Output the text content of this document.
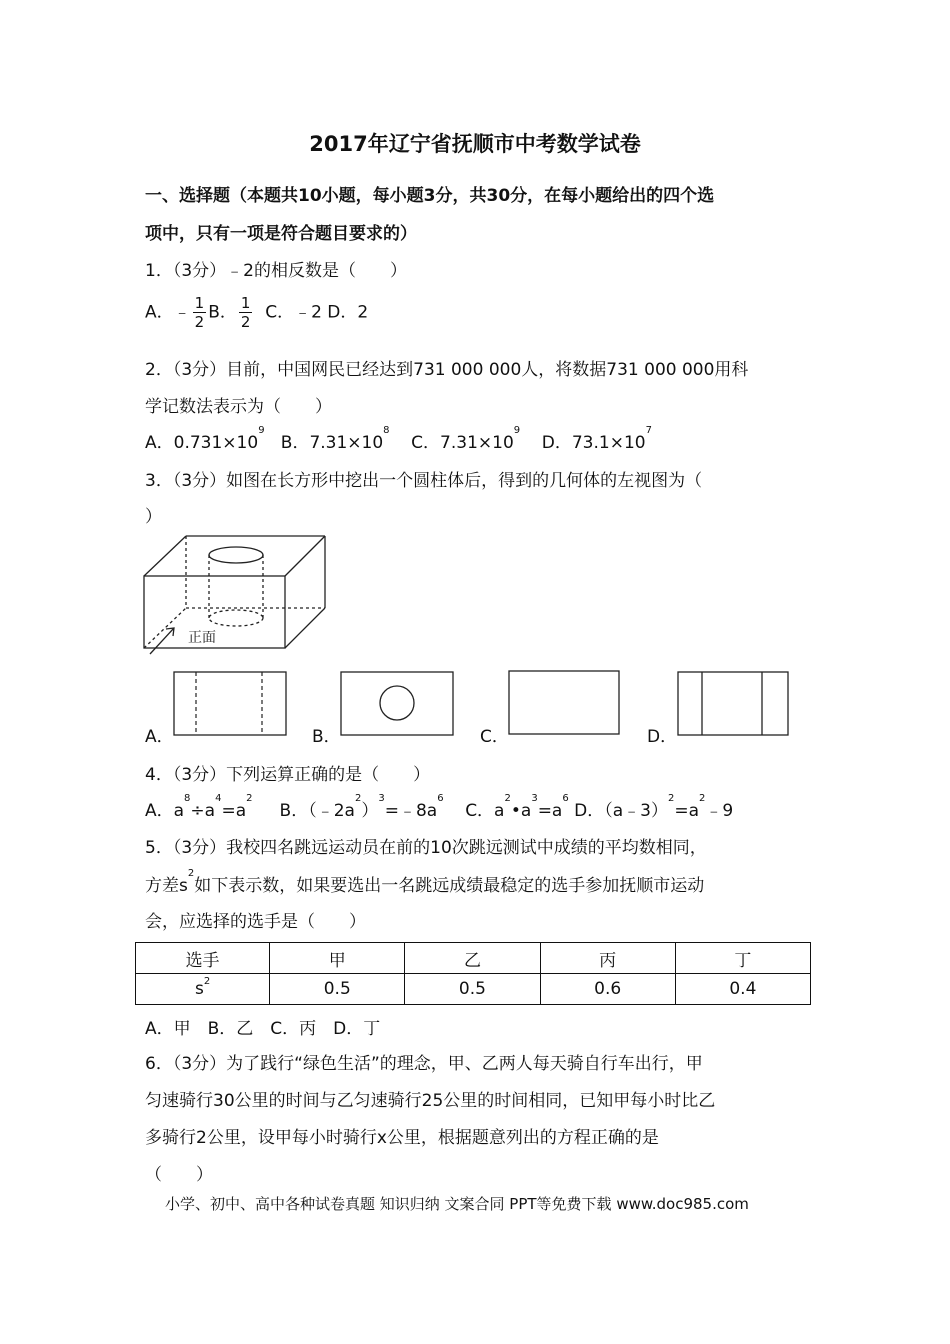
2017年辽宁省抚顺市中考数学试卷
一、选择题（本题共10小题，每小题3分，共30分，在每小题给出的四个选
项中，只有一项是符合题目要求的）
1．（3分）﹣2的相反数是（　　）
A．﹣ $\frac{1}{2}$ B． $\frac{1}{2}$ C．﹣2 D．2
2．（3分）目前，中国网民已经达到731 000 000人，将数据731 000 000用科
学记数法表示为（　　）
A．$0.731\times 10^9$   B．$7.31\times 10^8$    C．$7.31\times 10^9$    D．$73.1\times 10^7$
3．（3分）如图在长方形中挖出一个圆柱体后，得到的几何体的左视图为（
）
正面
A．	B．	C．	D．
4．（3分）下列运算正确的是（　　）
A．$a^8\div a^4=a^2$     B．$(﹣2a^2)^3=﹣8a^6$    C．$a^2•a^3=a^6$ D．$(a﹣3)^2=a^2﹣9$
5．（3分）我校四名跳远运动员在前的10次跳远测试中成绩的平均数相同，
方差$s^2$如下表示数，如果要选出一名跳远成绩最稳定的选手参加抚顺市运动
会，应选择的选手是（　　）
选手	甲	乙	丙	丁
$s^2$	0.5	0.5	0.6	0.4
A．甲　B．乙　C．丙　D．丁
6．（3分）为了践行“绿色生活”的理念，甲、乙两人每天骑自行车出行，甲
匀速骑行30公里的时间与乙匀速骑行25公里的时间相同，已知甲每小时比乙
多骑行2公里，设甲每小时骑行x公里，根据题意列出的方程正确的是
（　　）
小学、初中、高中各种试卷真题 知识归纳 文案合同 PPT等免费下载 www.doc985.com
